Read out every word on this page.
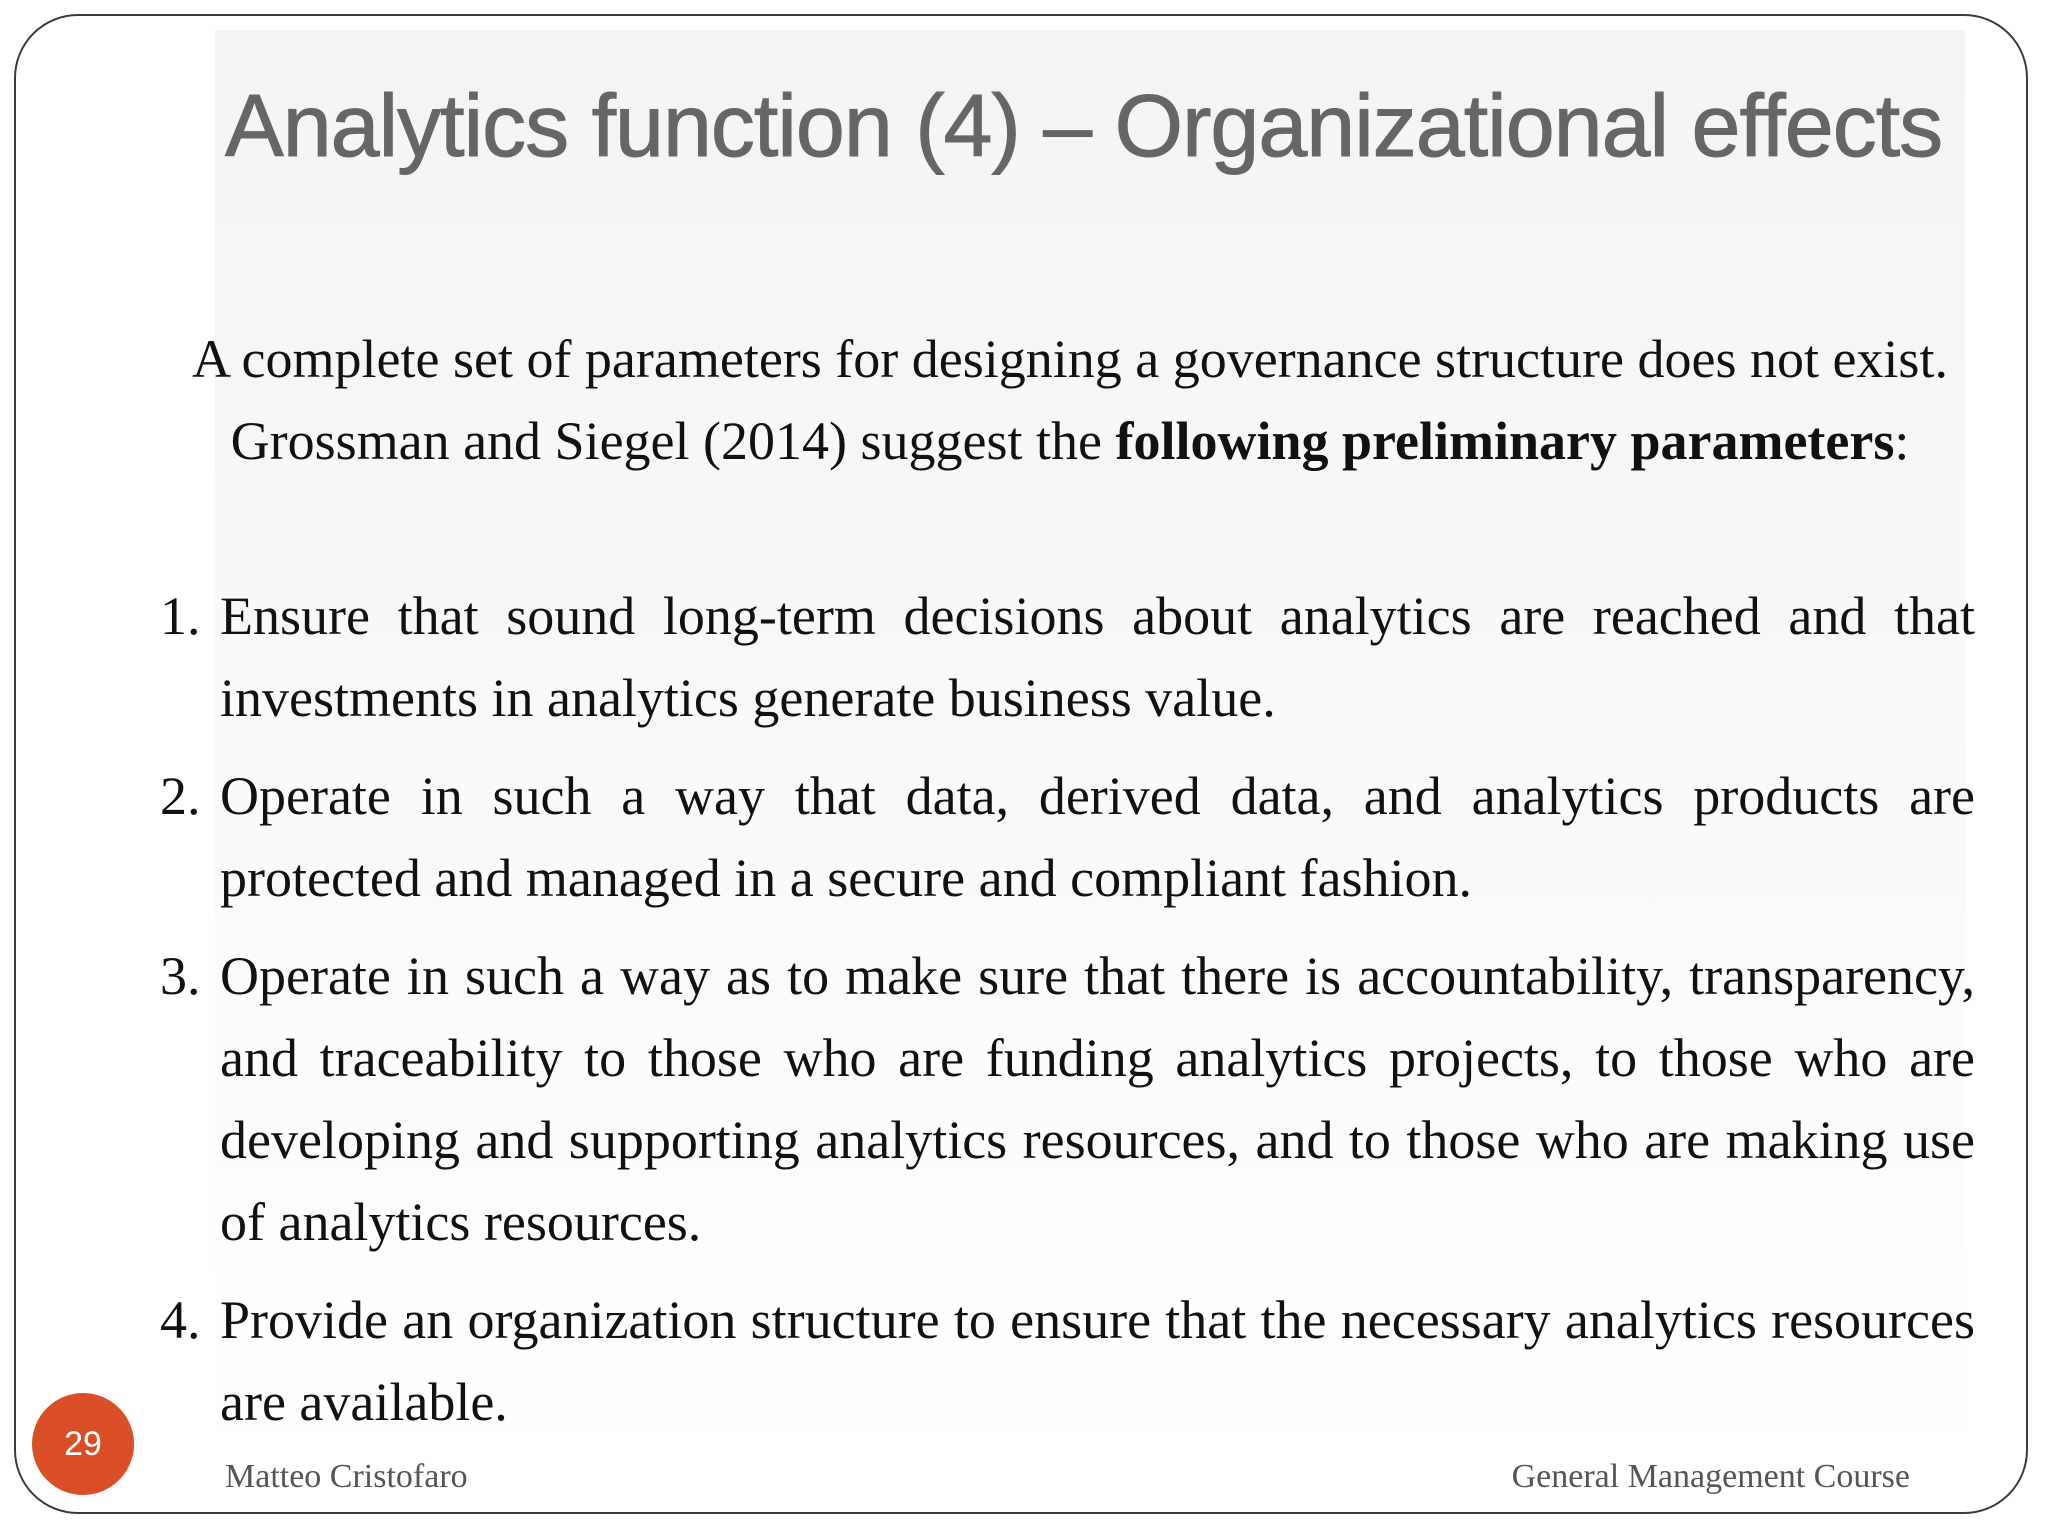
Analytics function (4) – Organizational effects

A complete set of parameters for designing a governance structure does not exist. Grossman and Siegel (2014) suggest the following preliminary parameters:

1. Ensure that sound long-term decisions about analytics are reached and that investments in analytics generate business value.
2. Operate in such a way that data, derived data, and analytics products are protected and managed in a secure and compliant fashion.
3. Operate in such a way as to make sure that there is accountability, transparency, and traceability to those who are funding analytics projects, to those who are developing and supporting analytics resources, and to those who are making use of analytics resources.
4. Provide an organization structure to ensure that the necessary analytics resources are available.
29
Matteo Cristofaro	General Management Course
